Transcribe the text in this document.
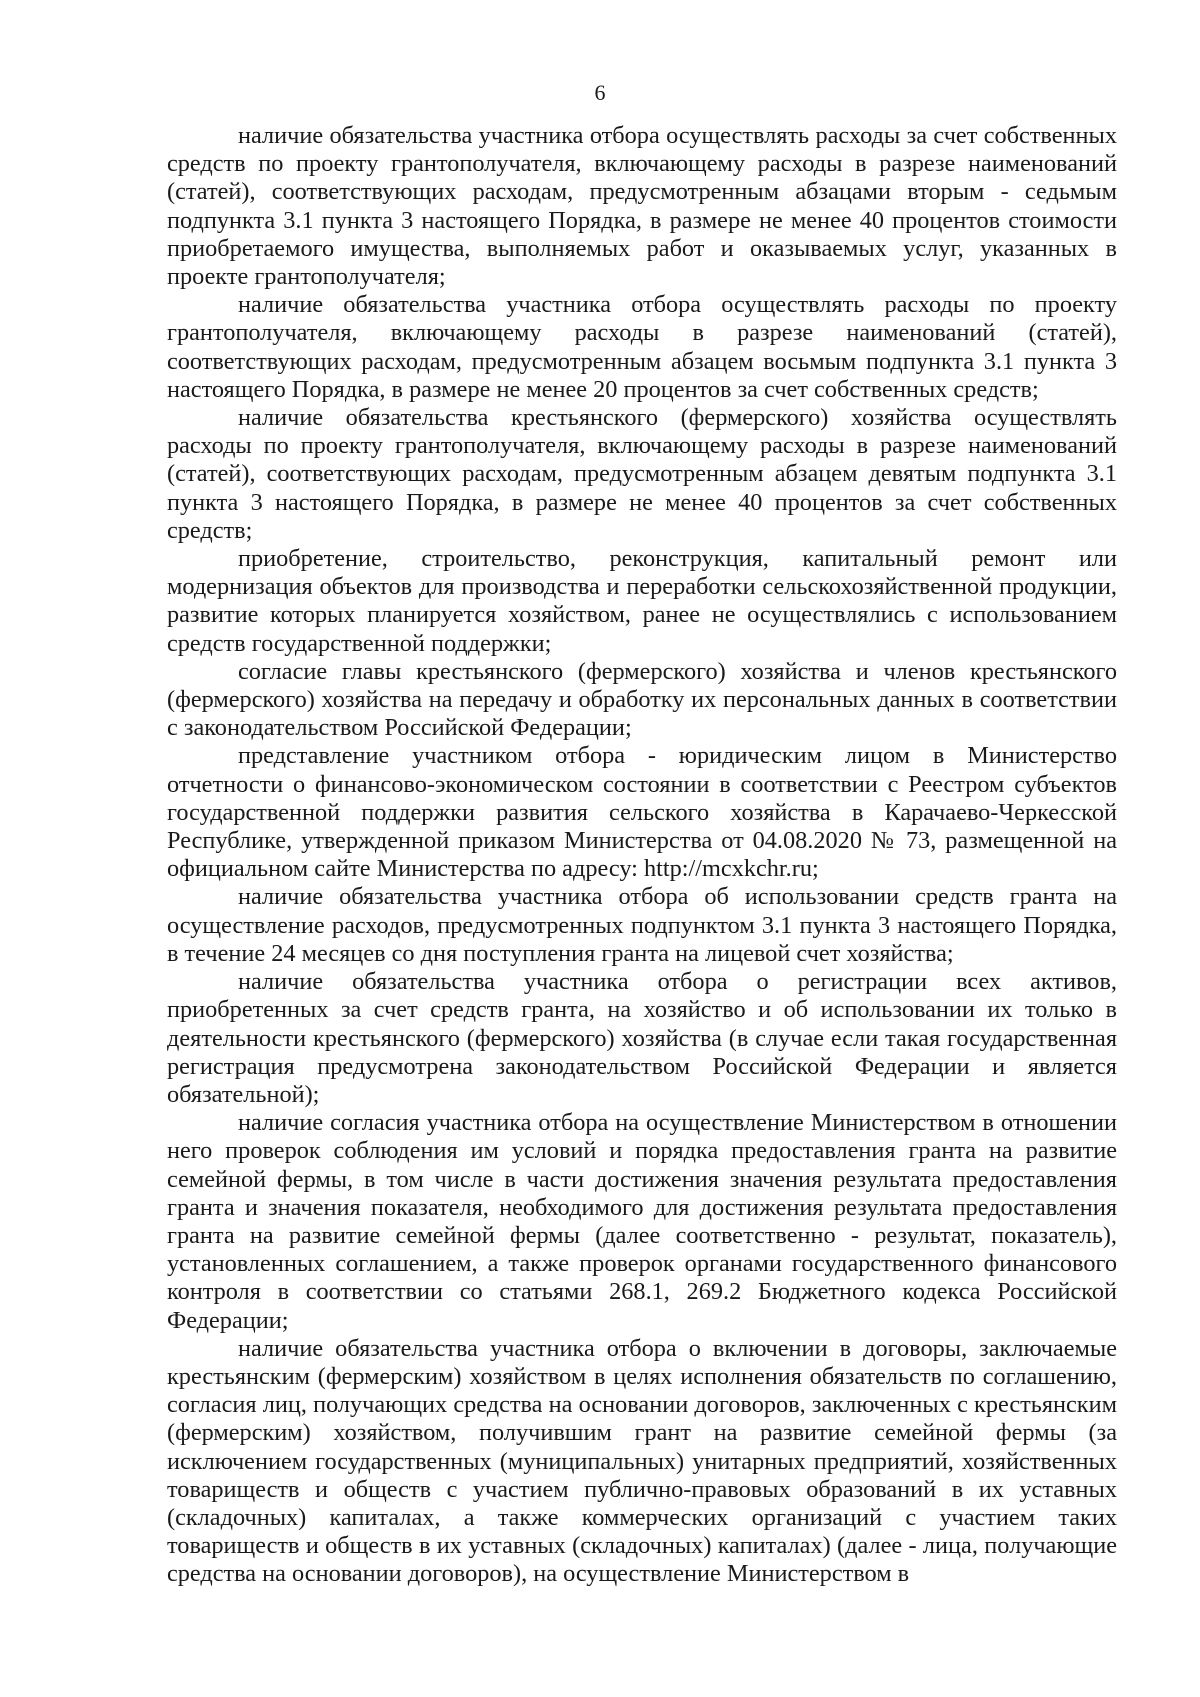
6

наличие обязательства участника отбора осуществлять расходы за счет собственных средств по проекту грантополучателя, включающему расходы в разрезе наименований (статей), соответствующих расходам, предусмотренным абзацами вторым - седьмым подпункта 3.1 пункта 3 настоящего Порядка, в размере не менее 40 процентов стоимости приобретаемого имущества, выполняемых работ и оказываемых услуг, указанных в проекте грантополучателя;

наличие обязательства участника отбора осуществлять расходы по проекту грантополучателя, включающему расходы в разрезе наименований (статей), соответствующих расходам, предусмотренным абзацем восьмым подпункта 3.1 пункта 3 настоящего Порядка, в размере не менее 20 процентов за счет собственных средств;

наличие обязательства крестьянского (фермерского) хозяйства осуществлять расходы по проекту грантополучателя, включающему расходы в разрезе наименований (статей), соответствующих расходам, предусмотренным абзацем девятым подпункта 3.1 пункта 3 настоящего Порядка, в размере не менее 40 процентов за счет собственных средств;

приобретение, строительство, реконструкция, капитальный ремонт или модернизация объектов для производства и переработки сельскохозяйственной продукции, развитие которых планируется хозяйством, ранее не осуществлялись с использованием средств государственной поддержки;

согласие главы крестьянского (фермерского) хозяйства и членов крестьянского (фермерского) хозяйства на передачу и обработку их персональных данных в соответствии с законодательством Российской Федерации;

представление участником отбора - юридическим лицом в Министерство отчетности о финансово-экономическом состоянии в соответствии с Реестром субъектов государственной поддержки развития сельского хозяйства в Карачаево-Черкесской Республике, утвержденной приказом Министерства от 04.08.2020 № 73, размещенной на официальном сайте Министерства по адресу: http://mcxkchr.ru;

наличие обязательства участника отбора об использовании средств гранта на осуществление расходов, предусмотренных подпунктом 3.1 пункта 3 настоящего Порядка, в течение 24 месяцев со дня поступления гранта на лицевой счет хозяйства;

наличие обязательства участника отбора о регистрации всех активов, приобретенных за счет средств гранта, на хозяйство и об использовании их только в деятельности крестьянского (фермерского) хозяйства (в случае если такая государственная регистрация предусмотрена законодательством Российской Федерации и является обязательной);

наличие согласия участника отбора на осуществление Министерством в отношении него проверок соблюдения им условий и порядка предоставления гранта на развитие семейной фермы, в том числе в части достижения значения результата предоставления гранта и значения показателя, необходимого для достижения результата предоставления гранта на развитие семейной фермы (далее соответственно - результат, показатель), установленных соглашением, а также проверок органами государственного финансового контроля в соответствии со статьями 268.1, 269.2 Бюджетного кодекса Российской Федерации;

наличие обязательства участника отбора о включении в договоры, заключаемые крестьянским (фермерским) хозяйством в целях исполнения обязательств по соглашению, согласия лиц, получающих средства на основании договоров, заключенных с крестьянским (фермерским) хозяйством, получившим грант на развитие семейной фермы (за исключением государственных (муниципальных) унитарных предприятий, хозяйственных товариществ и обществ с участием публично-правовых образований в их уставных (складочных) капиталах, а также коммерческих организаций с участием таких товариществ и обществ в их уставных (складочных) капиталах) (далее - лица, получающие средства на основании договоров), на осуществление Министерством в
